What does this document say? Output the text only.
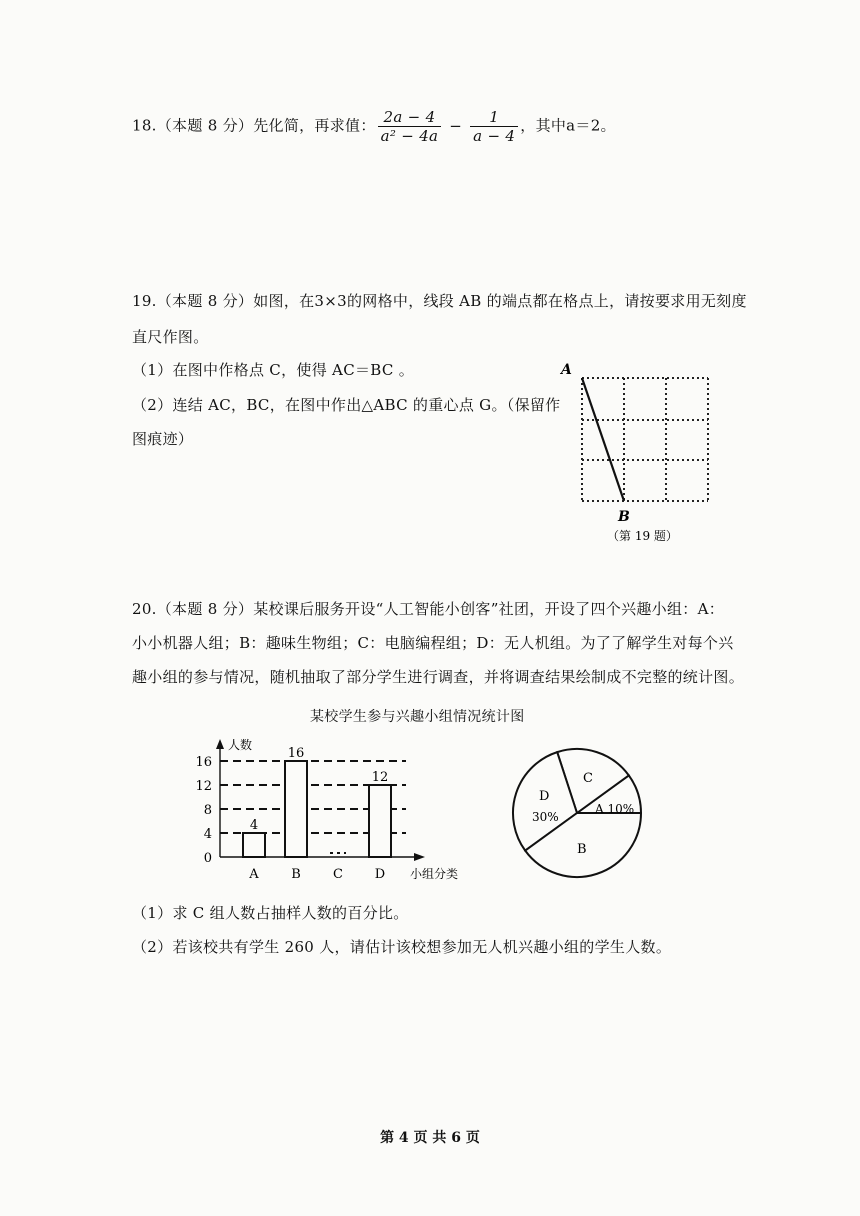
18.（本题 8 分）先化简，再求值： $\frac{2a - 4}{\text{a² − 4a}} - \frac{1}{a - 4}$ ，其中a＝2。
19.（本题 8 分）如图，在3×3的网格中，线段 AB 的端点都在格点上，请按要求用无刻度
直尺作图。
（1）在图中作格点 C，使得 AC＝BC 。
（2）连结 AC，BC，在图中作出△ABC 的重心点 G。（保留作
图痕迹）
A
B
（第 19 题）
20.（本题 8 分）某校课后服务开设“人工智能小创客”社团，开设了四个兴趣小组：A：
小小机器人组；B：趣味生物组；C：电脑编程组；D：无人机组。为了了解学生对每个兴
趣小组的参与情况，随机抽取了部分学生进行调查，并将调查结果绘制成不完整的统计图。
某校学生参与兴趣小组情况统计图
4
16
12
0
4
8
12
16
A	B C D
人数
小组分类
C
A 10%
D
30%
B
（1）求 C 组人数占抽样人数的百分比。
（2）若该校共有学生 260 人，请估计该校想参加无人机兴趣小组的学生人数。
第 4 页 共 6 页
